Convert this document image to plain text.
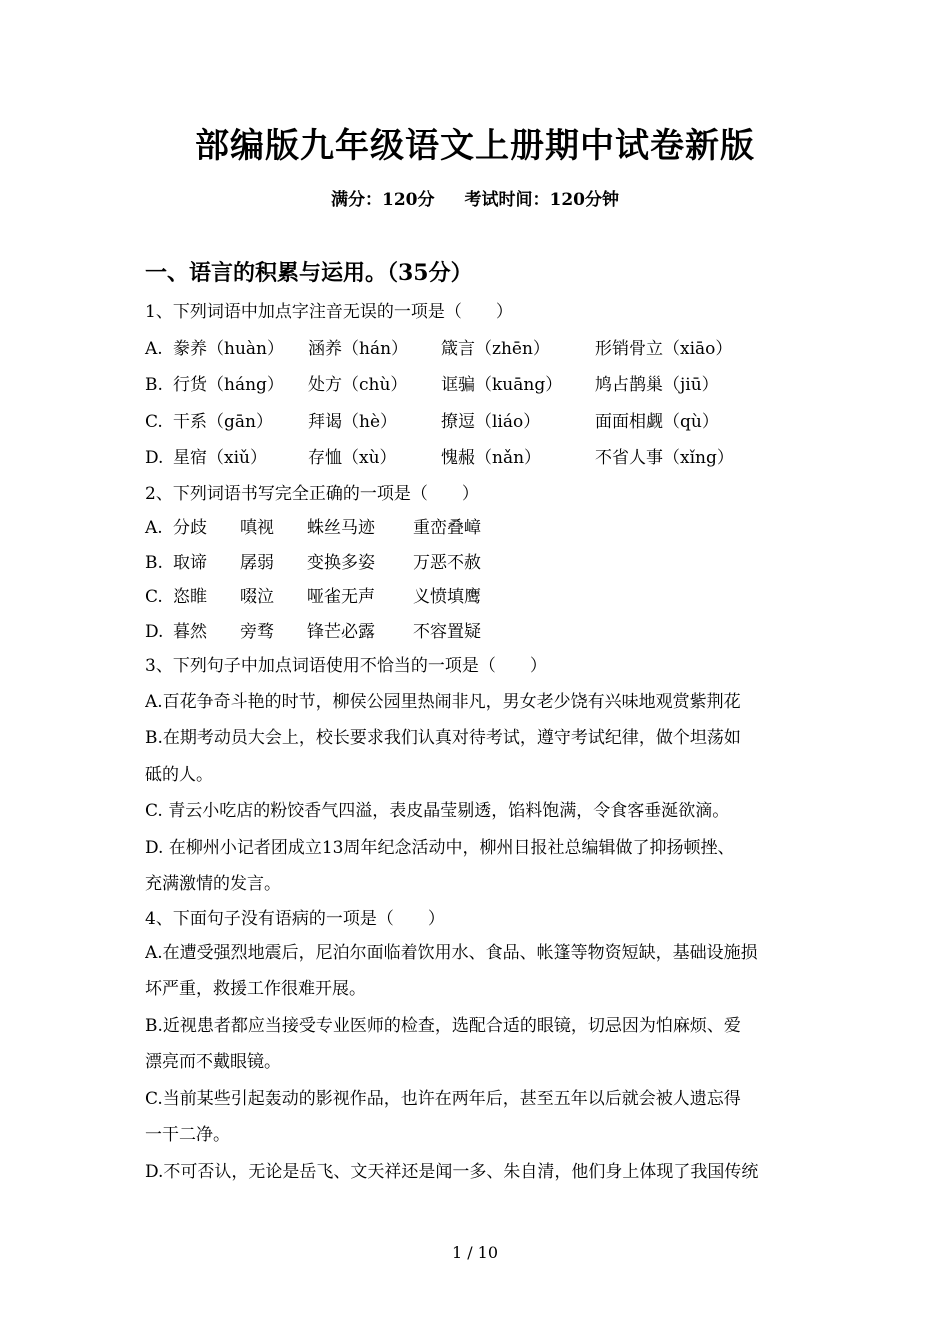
部编版九年级语文上册期中试卷新版
满分：120分 考试时间：120分钟
一、语言的积累与运用。（35分）
1、下列词语中加点字注音无误的一项是（　　）
A. 豢养（huàn） 涵养（hán） 箴言（zhēn）	形销骨立（xiāo）
B. 行货（háng） 处方（chù） 诓骗（kuāng） 鸠占鹊巢（jiū）
C. 干系（gān） 拜谒（hè）	撩逗（liáo）	面面相觑（qù）
D. 星宿（xiǔ） 存恤（xù）	愧赧（nǎn）	不省人事（xǐng）
2、下列词语书写完全正确的一项是（　　）
A. 分歧 嗔视 蛛丝马迹 重峦叠嶂
B. 取谛 孱弱 变换多姿 万恶不赦
C. 恣睢 啜泣 哑雀无声 义愤填鹰
D. 暮然 旁骛 锋芒必露 不容置疑
3、下列句子中加点词语使用不恰当的一项是（　　）
A.百花争奇斗艳的时节，柳侯公园里热闹非凡，男女老少饶有兴味地观赏紫荆花
B.在期考动员大会上，校长要求我们认真对待考试，遵守考试纪律，做个坦荡如
砥的人。
C. 青云小吃店的粉饺香气四溢，表皮晶莹剔透，馅料饱满，令食客垂涎欲滴。
D. 在柳州小记者团成立13周年纪念活动中，柳州日报社总编辑做了抑扬顿挫、
充满激情的发言。
4、下面句子没有语病的一项是（　　）
A.在遭受强烈地震后，尼泊尔面临着饮用水、食品、帐篷等物资短缺，基础设施损
坏严重，救援工作很难开展。
B.近视患者都应当接受专业医师的检查，选配合适的眼镜，切忌因为怕麻烦、爱
漂亮而不戴眼镜。
C.当前某些引起轰动的影视作品，也许在两年后，甚至五年以后就会被人遗忘得
一干二净。
D.不可否认，无论是岳飞、文天祥还是闻一多、朱自清，他们身上体现了我国传统
1 / 10
